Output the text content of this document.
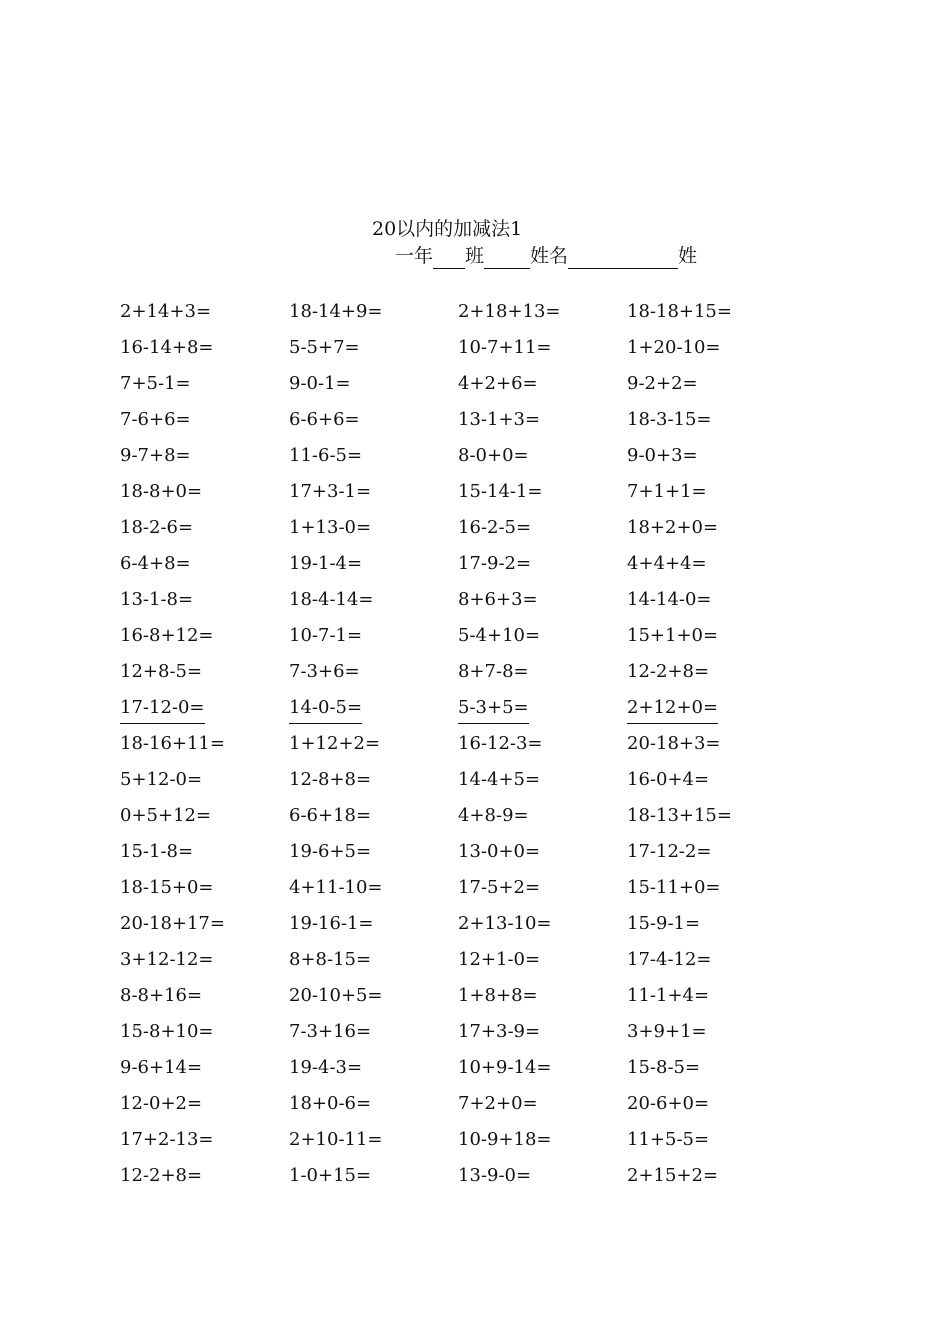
20以内的加减法1
一年 班 姓名	姓
2+14+3=	18-14+9=	2+18+13=	18-18+15=
16-14+8=	5-5+7=	10-7+11=	1+20-10=
7+5-1=	9-0-1=	4+2+6=	9-2+2=
7-6+6=	6-6+6=	13-1+3=	18-3-15=
9-7+8=	11-6-5=	8-0+0=	9-0+3=
18-8+0=	17+3-1=	15-14-1=	7+1+1=
18-2-6=	1+13-0=	16-2-5=	18+2+0=
6-4+8=	19-1-4=	17-9-2=	4+4+4=
13-1-8=	18-4-14=	8+6+3=	14-14-0=
16-8+12=	10-7-1=	5-4+10=	15+1+0=
12+8-5=	7-3+6=	8+7-8=	12-2+8=
17-12-0=	14-0-5=	5-3+5=	2+12+0=
18-16+11=	1+12+2=	16-12-3=	20-18+3=
5+12-0=	12-8+8=	14-4+5=	16-0+4=
0+5+12=	6-6+18=	4+8-9=	18-13+15=
15-1-8=	19-6+5=	13-0+0=	17-12-2=
18-15+0=	4+11-10=	17-5+2=	15-11+0=
20-18+17=	19-16-1=	2+13-10=	15-9-1=
3+12-12=	8+8-15=	12+1-0=	17-4-12=
8-8+16=	20-10+5=	1+8+8=	11-1+4=
15-8+10=	7-3+16=	17+3-9=	3+9+1=
9-6+14=	19-4-3=	10+9-14=	15-8-5=
12-0+2=	18+0-6=	7+2+0=	20-6+0=
17+2-13=	2+10-11=	10-9+18=	11+5-5=
12-2+8=	1-0+15=	13-9-0=	2+15+2=
